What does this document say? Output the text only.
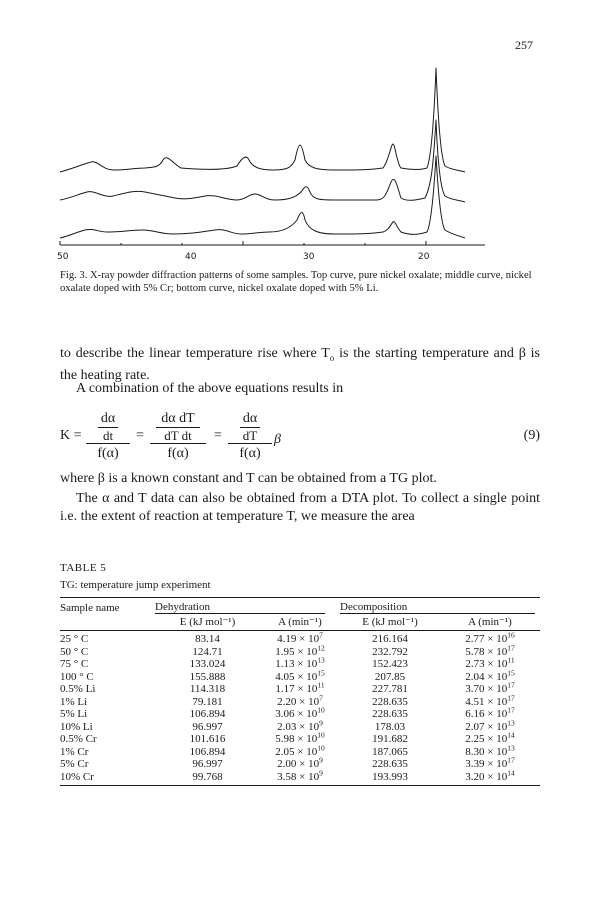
257
50	40	30	20
Fig. 3. X-ray powder diffraction patterns of some samples. Top curve, pure nickel oxalate; middle curve, nickel oxalate doped with 5% Cr; bottom curve, nickel oxalate doped with 5% Li.
to describe the linear temperature rise where $T_o$ is the starting temperature and β is the heating rate.
A combination of the above equations results in
K = dα
dt
f(α) = dα dT
dT dt
f(α) = dα
dT
f(α) β	(9)
where β is a known constant and T can be obtained from a TG plot.
The α and T data can also be obtained from a DTA plot. To collect a single point i.e. the extent of reaction at temperature T, we measure the area
TABLE 5
TG: temperature jump experiment
Sample name	Dehydration		Decomposition	
	E (kJ mol⁻¹)	A (min⁻¹)	E (kJ mol⁻¹)	A (min⁻¹)
25 ° C	83.14	$4.19 \times 10^7$	216.164	$2.77 \times 10^{16}$
50 ° C	124.71	$1.95 \times 10^{12}$	232.792	$5.78 \times 10^{17}$
75 ° C	133.024	$1.13 \times 10^{13}$	152.423	$2.73 \times 10^{11}$
100 ° C	155.888	$4.05 \times 10^{15}$	207.85	$2.04 \times 10^{15}$
0.5% Li	114.318	$1.17 \times 10^{11}$	227.781	$3.70 \times 10^{17}$
1% Li	79.181	$2.20 \times 10^7$	228.635	$4.51 \times 10^{17}$
5% Li	106.894	$3.06 \times 10^{10}$	228.635	$6.16 \times 10^{17}$
10% Li	96.997	$2.03 \times 10^9$	178.03	$2.07 \times 10^{13}$
0.5% Cr	101.616	$5.98 \times 10^{10}$	191.682	$2.25 \times 10^{14}$
1% Cr	106.894	$2.05 \times 10^{10}$	187.065	$8.30 \times 10^{13}$
5% Cr	96.997	$2.00 \times 10^9$	228.635	$3.39 \times 10^{17}$
10% Cr	99.768	$3.58 \times 10^9$	193.993	$3.20 \times 10^{14}$
